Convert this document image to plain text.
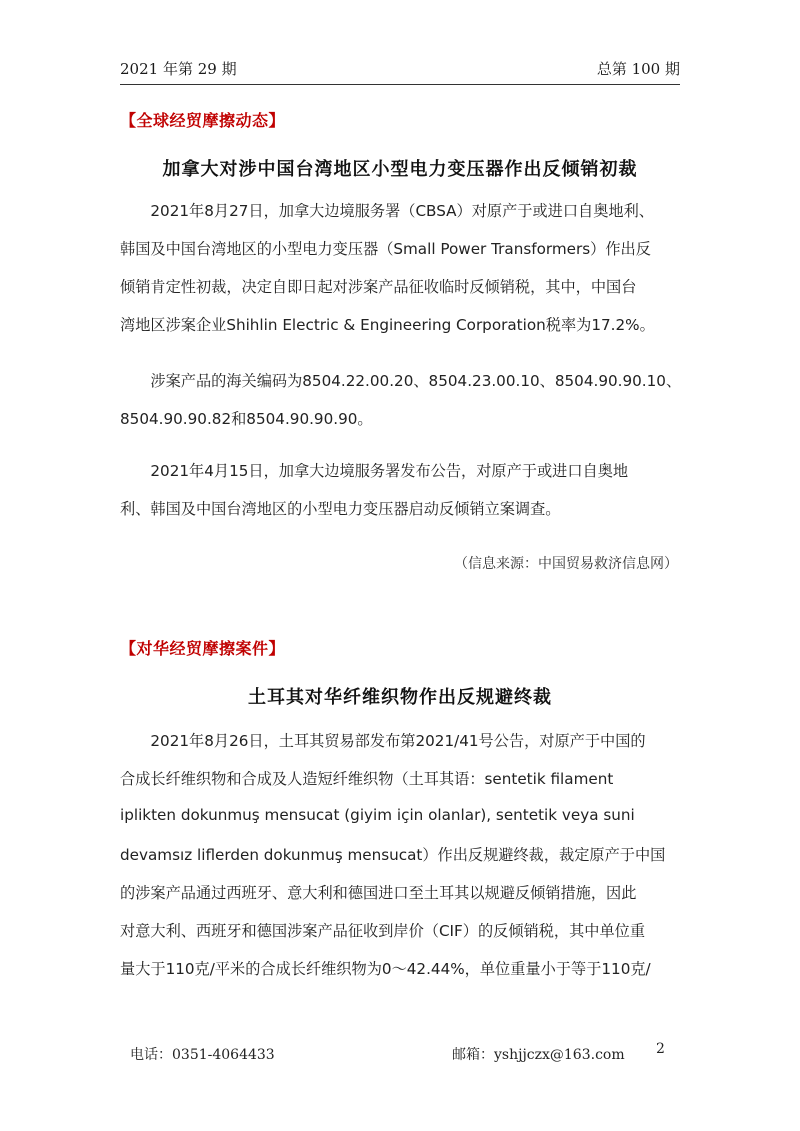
2021 年第 29 期	总第 100 期
【全球经贸摩擦动态】
加拿大对涉中国台湾地区小型电力变压器作出反倾销初裁
　　2021年8月27日，加拿大边境服务署（CBSA）对原产于或进口自奥地利、
韩国及中国台湾地区的小型电力变压器（Small Power Transformers）作出反
倾销肯定性初裁，决定自即日起对涉案产品征收临时反倾销税，其中，中国台
湾地区涉案企业Shihlin Electric & Engineering Corporation税率为17.2%。
　　涉案产品的海关编码为8504.22.00.20、8504.23.00.10、8504.90.90.10、
8504.90.90.82和8504.90.90.90。
　　2021年4月15日，加拿大边境服务署发布公告，对原产于或进口自奥地
利、韩国及中国台湾地区的小型电力变压器启动反倾销立案调查。
（信息来源：中国贸易救济信息网）
【对华经贸摩擦案件】
土耳其对华纤维织物作出反规避终裁
　　2021年8月26日，土耳其贸易部发布第2021/41号公告，对原产于中国的
合成长纤维织物和合成及人造短纤维织物（土耳其语：sentetik filament
iplikten dokunmuş mensucat (giyim için olanlar), sentetik veya suni
devamsız liflerden dokunmuş mensucat）作出反规避终裁，裁定原产于中国
的涉案产品通过西班牙、意大利和德国进口至土耳其以规避反倾销措施，因此
对意大利、西班牙和德国涉案产品征收到岸价（CIF）的反倾销税，其中单位重
量大于110克/平米的合成长纤维织物为0～42.44%，单位重量小于等于110克/
电话：0351-4064433	邮箱：yshjjczx@163.com 2
